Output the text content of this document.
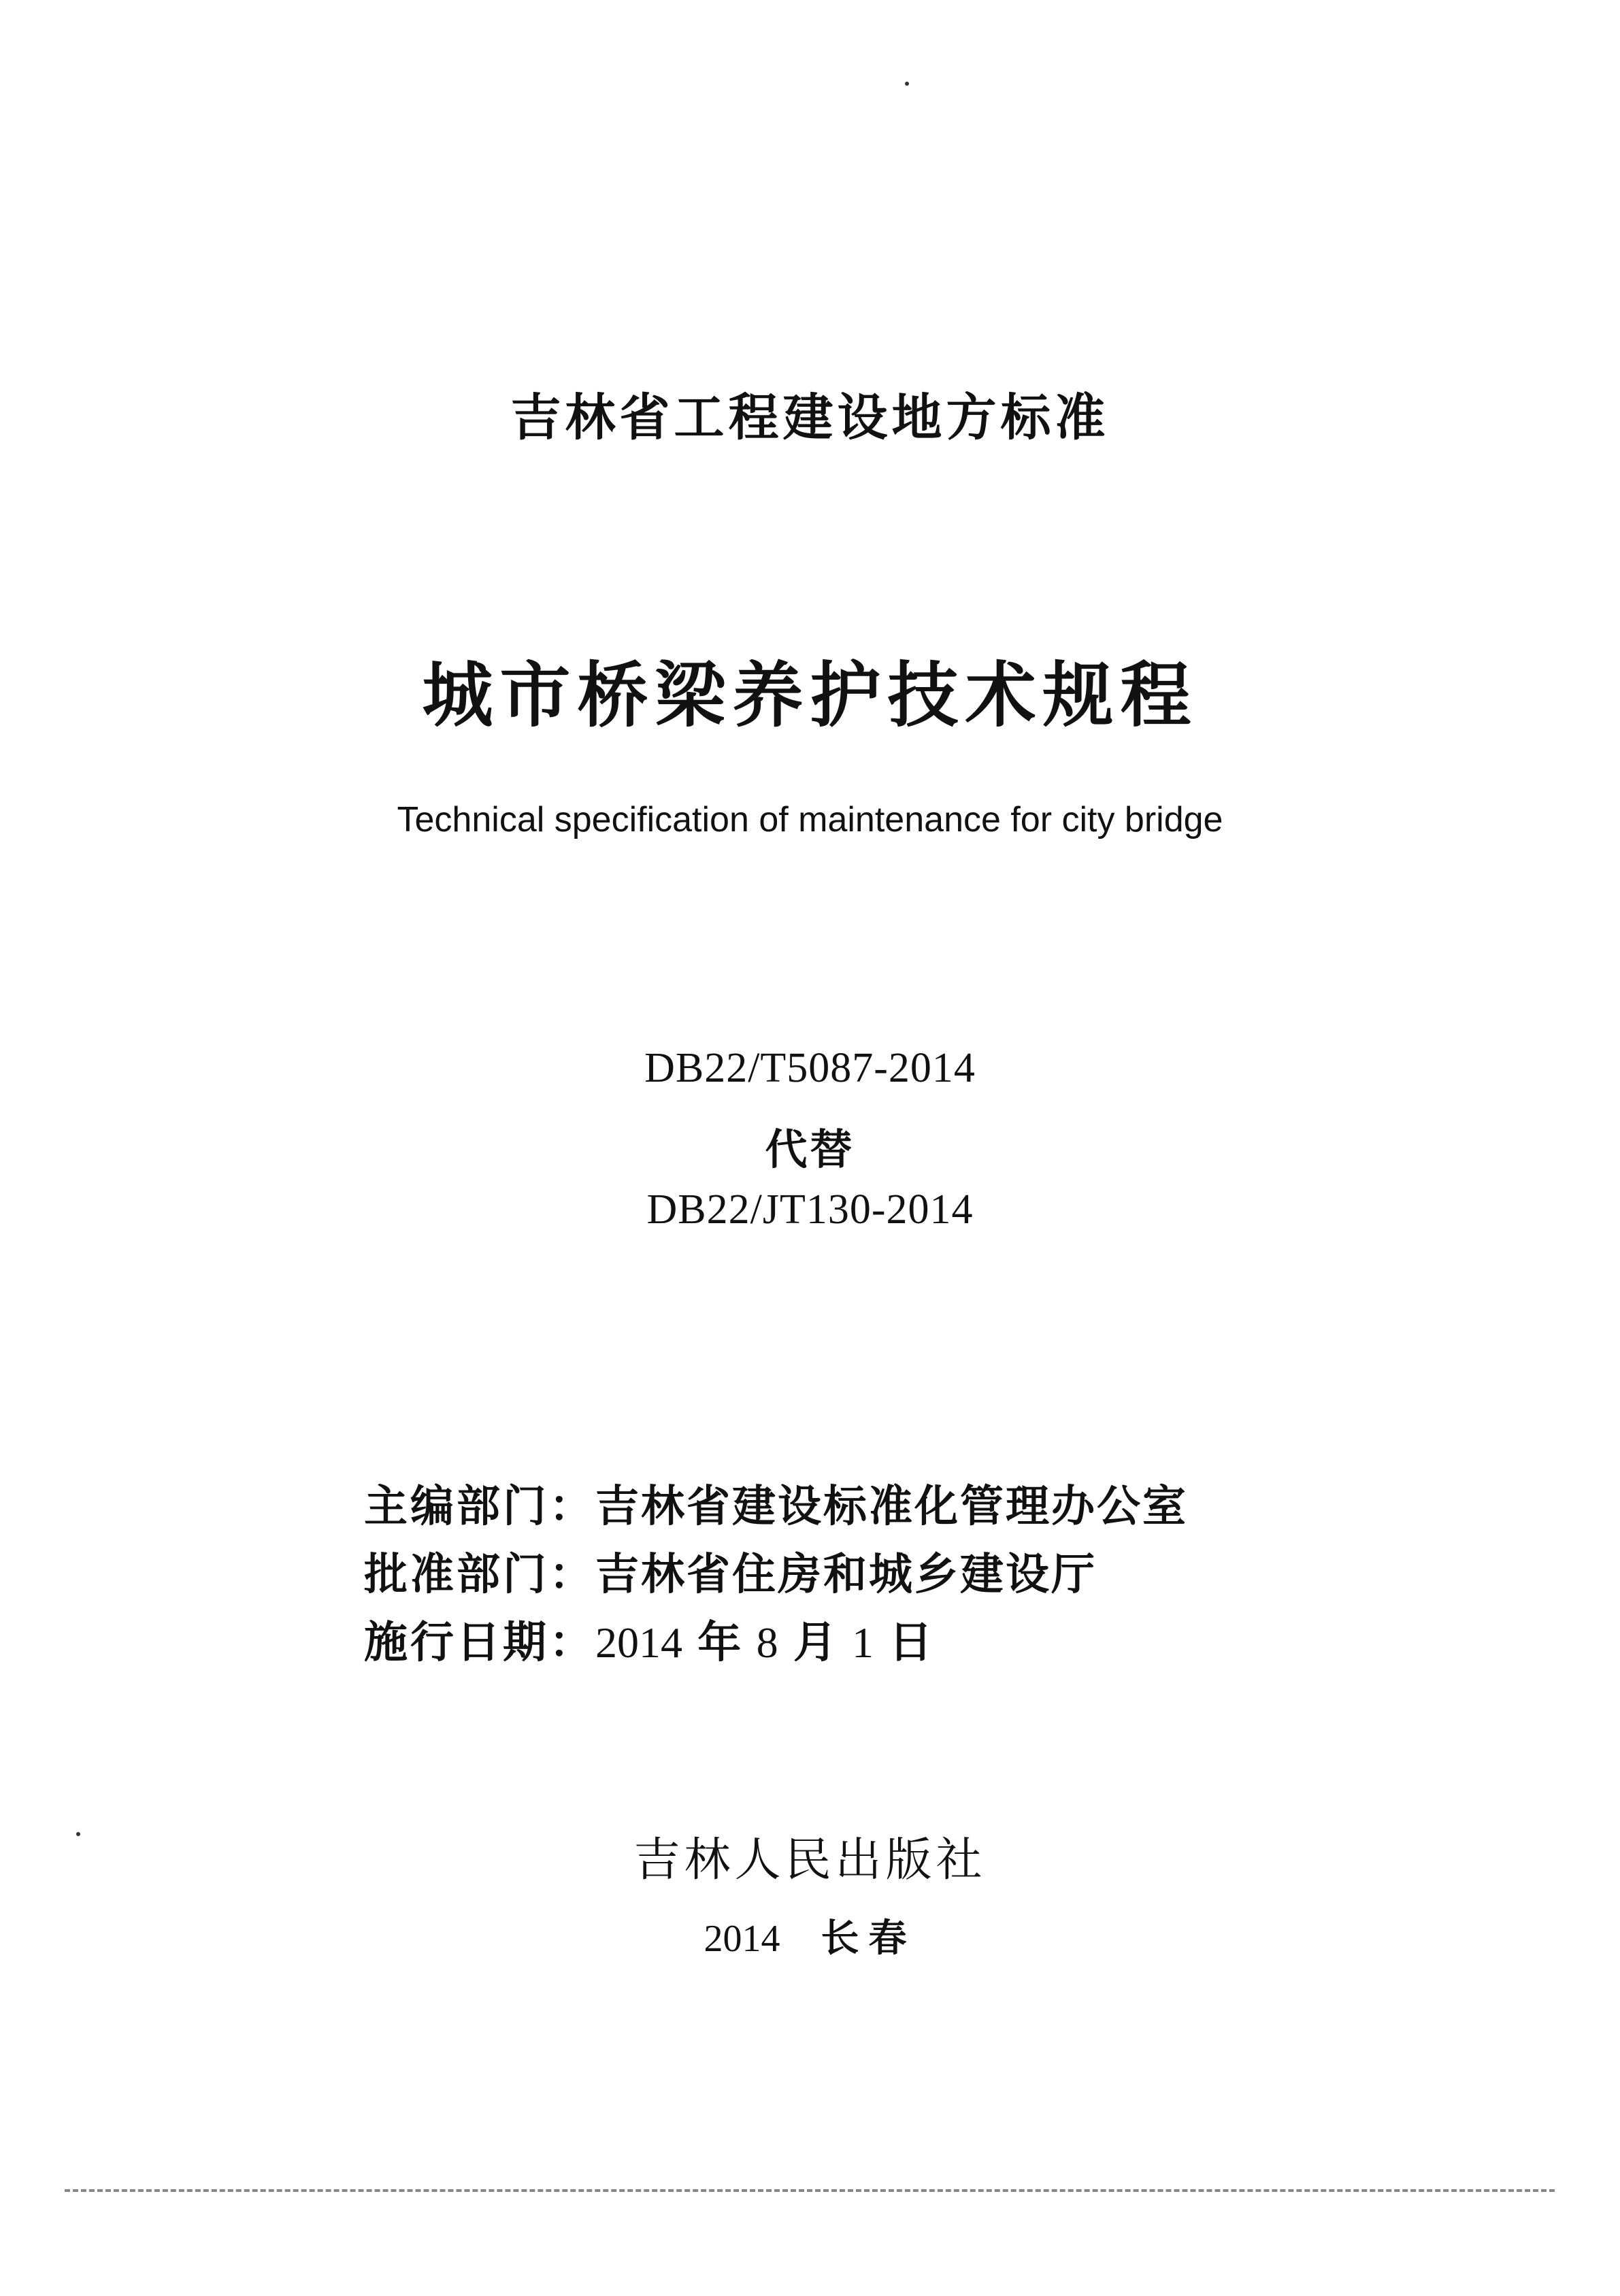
吉林省工程建设地方标准
城市桥梁养护技术规程
Technical specification of maintenance for city bridge
DB22/T5087-2014
代替
DB22/JT130-2014
主编部门：吉林省建设标准化管理办公室
批准部门：吉林省住房和城乡建设厅
施行日期：2014 年 8 月 1 日
吉林人民出版社
2014 长春
